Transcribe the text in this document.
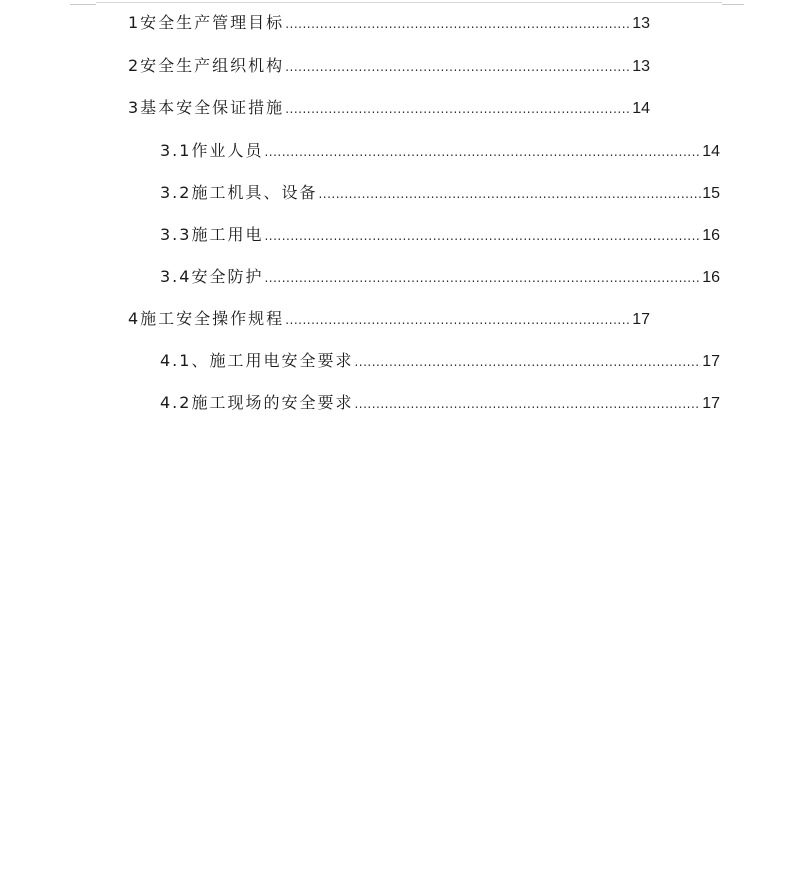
1安全生产管理目标 .....	13
2安全生产组织机构 .....	13
3基本安全保证措施 .....	14
3.1作业人员 .....	14
3.2施工机具、设备 .....	15
3.3施工用电 .....	16
3.4安全防护 .....	16
4施工安全操作规程 .....	17
4.1、施工用电安全要求 .....	17
4.2施工现场的安全要求 .....	17
